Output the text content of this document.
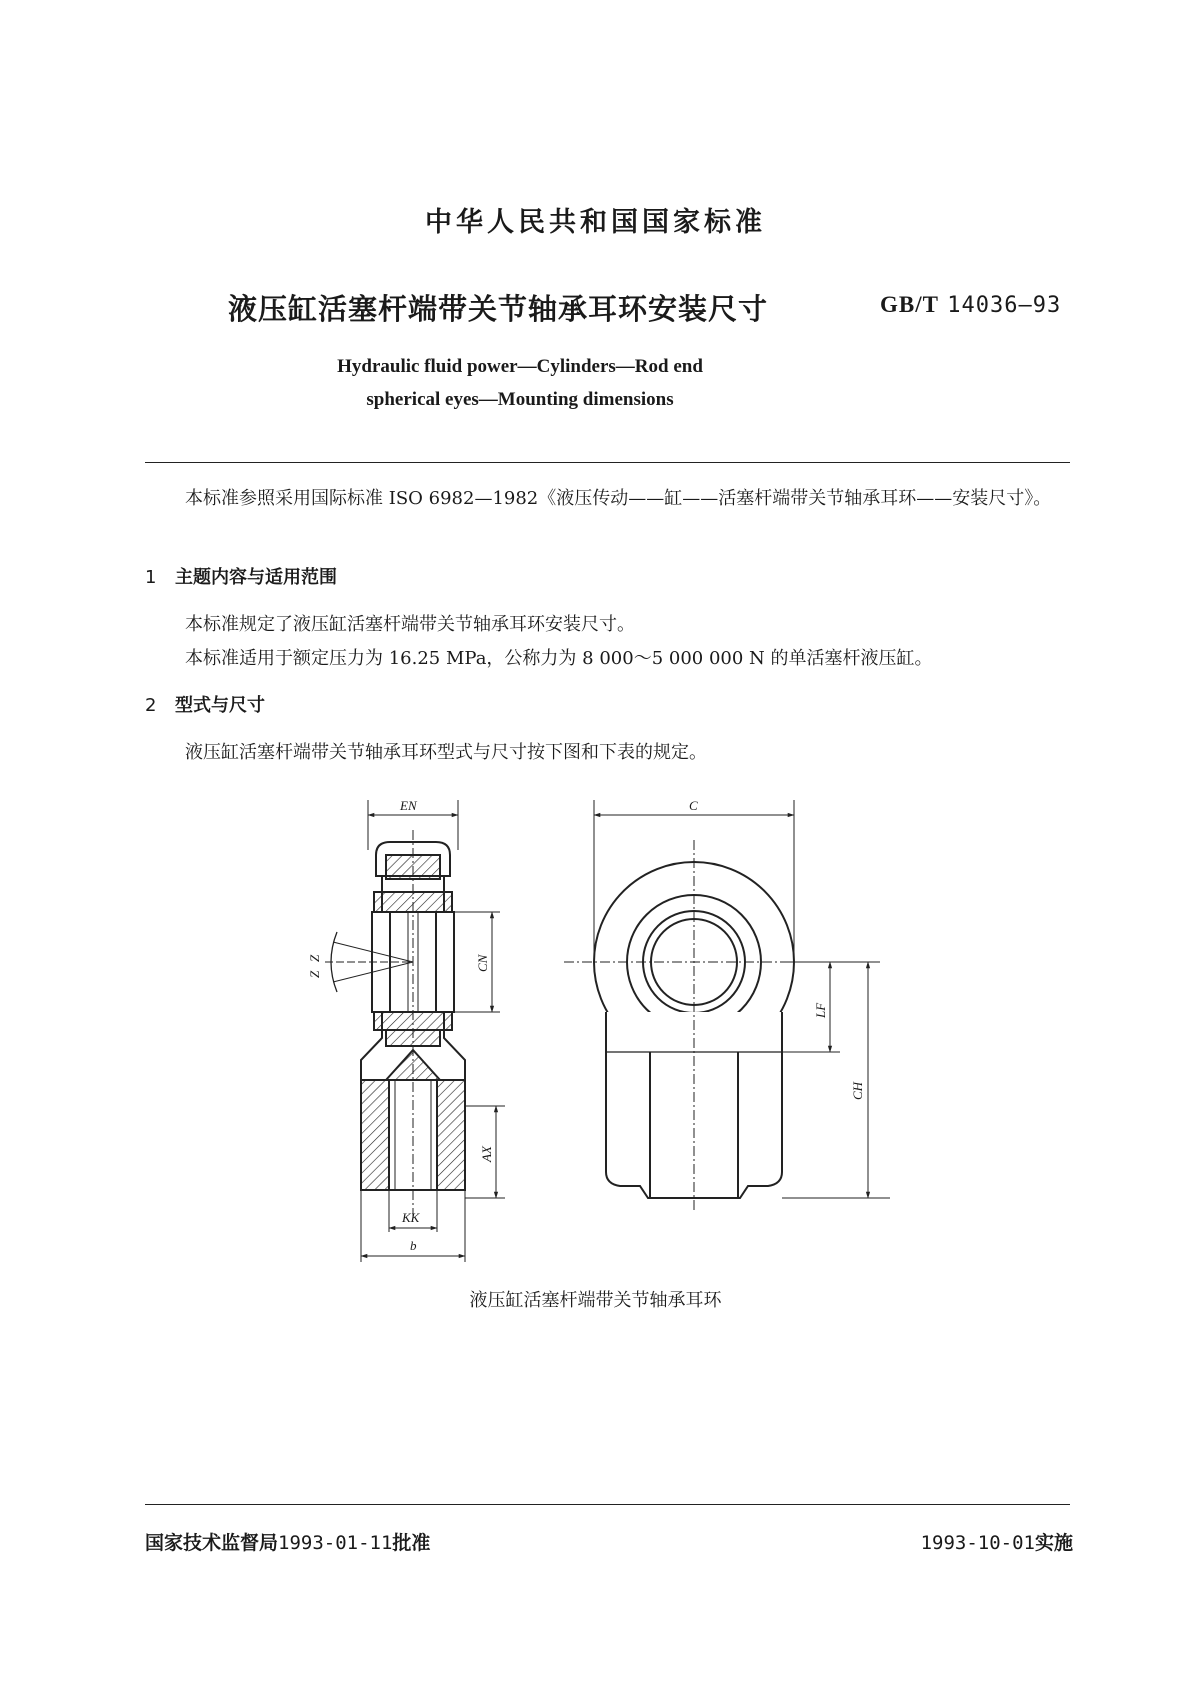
中华人民共和国国家标准
液压缸活塞杆端带关节轴承耳环安装尺寸	GB/T 14036—93
Hydraulic fluid power—Cylinders—Rod end
spherical eyes—Mounting dimensions
本标准参照采用国际标准 ISO 6982—1982《液压传动——缸——活塞杆端带关节轴承耳环——安装尺寸》。
1 主题内容与适用范围
本标准规定了液压缸活塞杆端带关节轴承耳环安装尺寸。
本标准适用于额定压力为 16.25 MPa，公称力为 8 000～5 000 000 N 的单活塞杆液压缸。
2 型式与尺寸
液压缸活塞杆端带关节轴承耳环型式与尺寸按下图和下表的规定。
EN	C
CN
LF
CH
AX
KK
b
Z
Z
液压缸活塞杆端带关节轴承耳环
国家技术监督局1993-01-11批准	1993-10-01实施
